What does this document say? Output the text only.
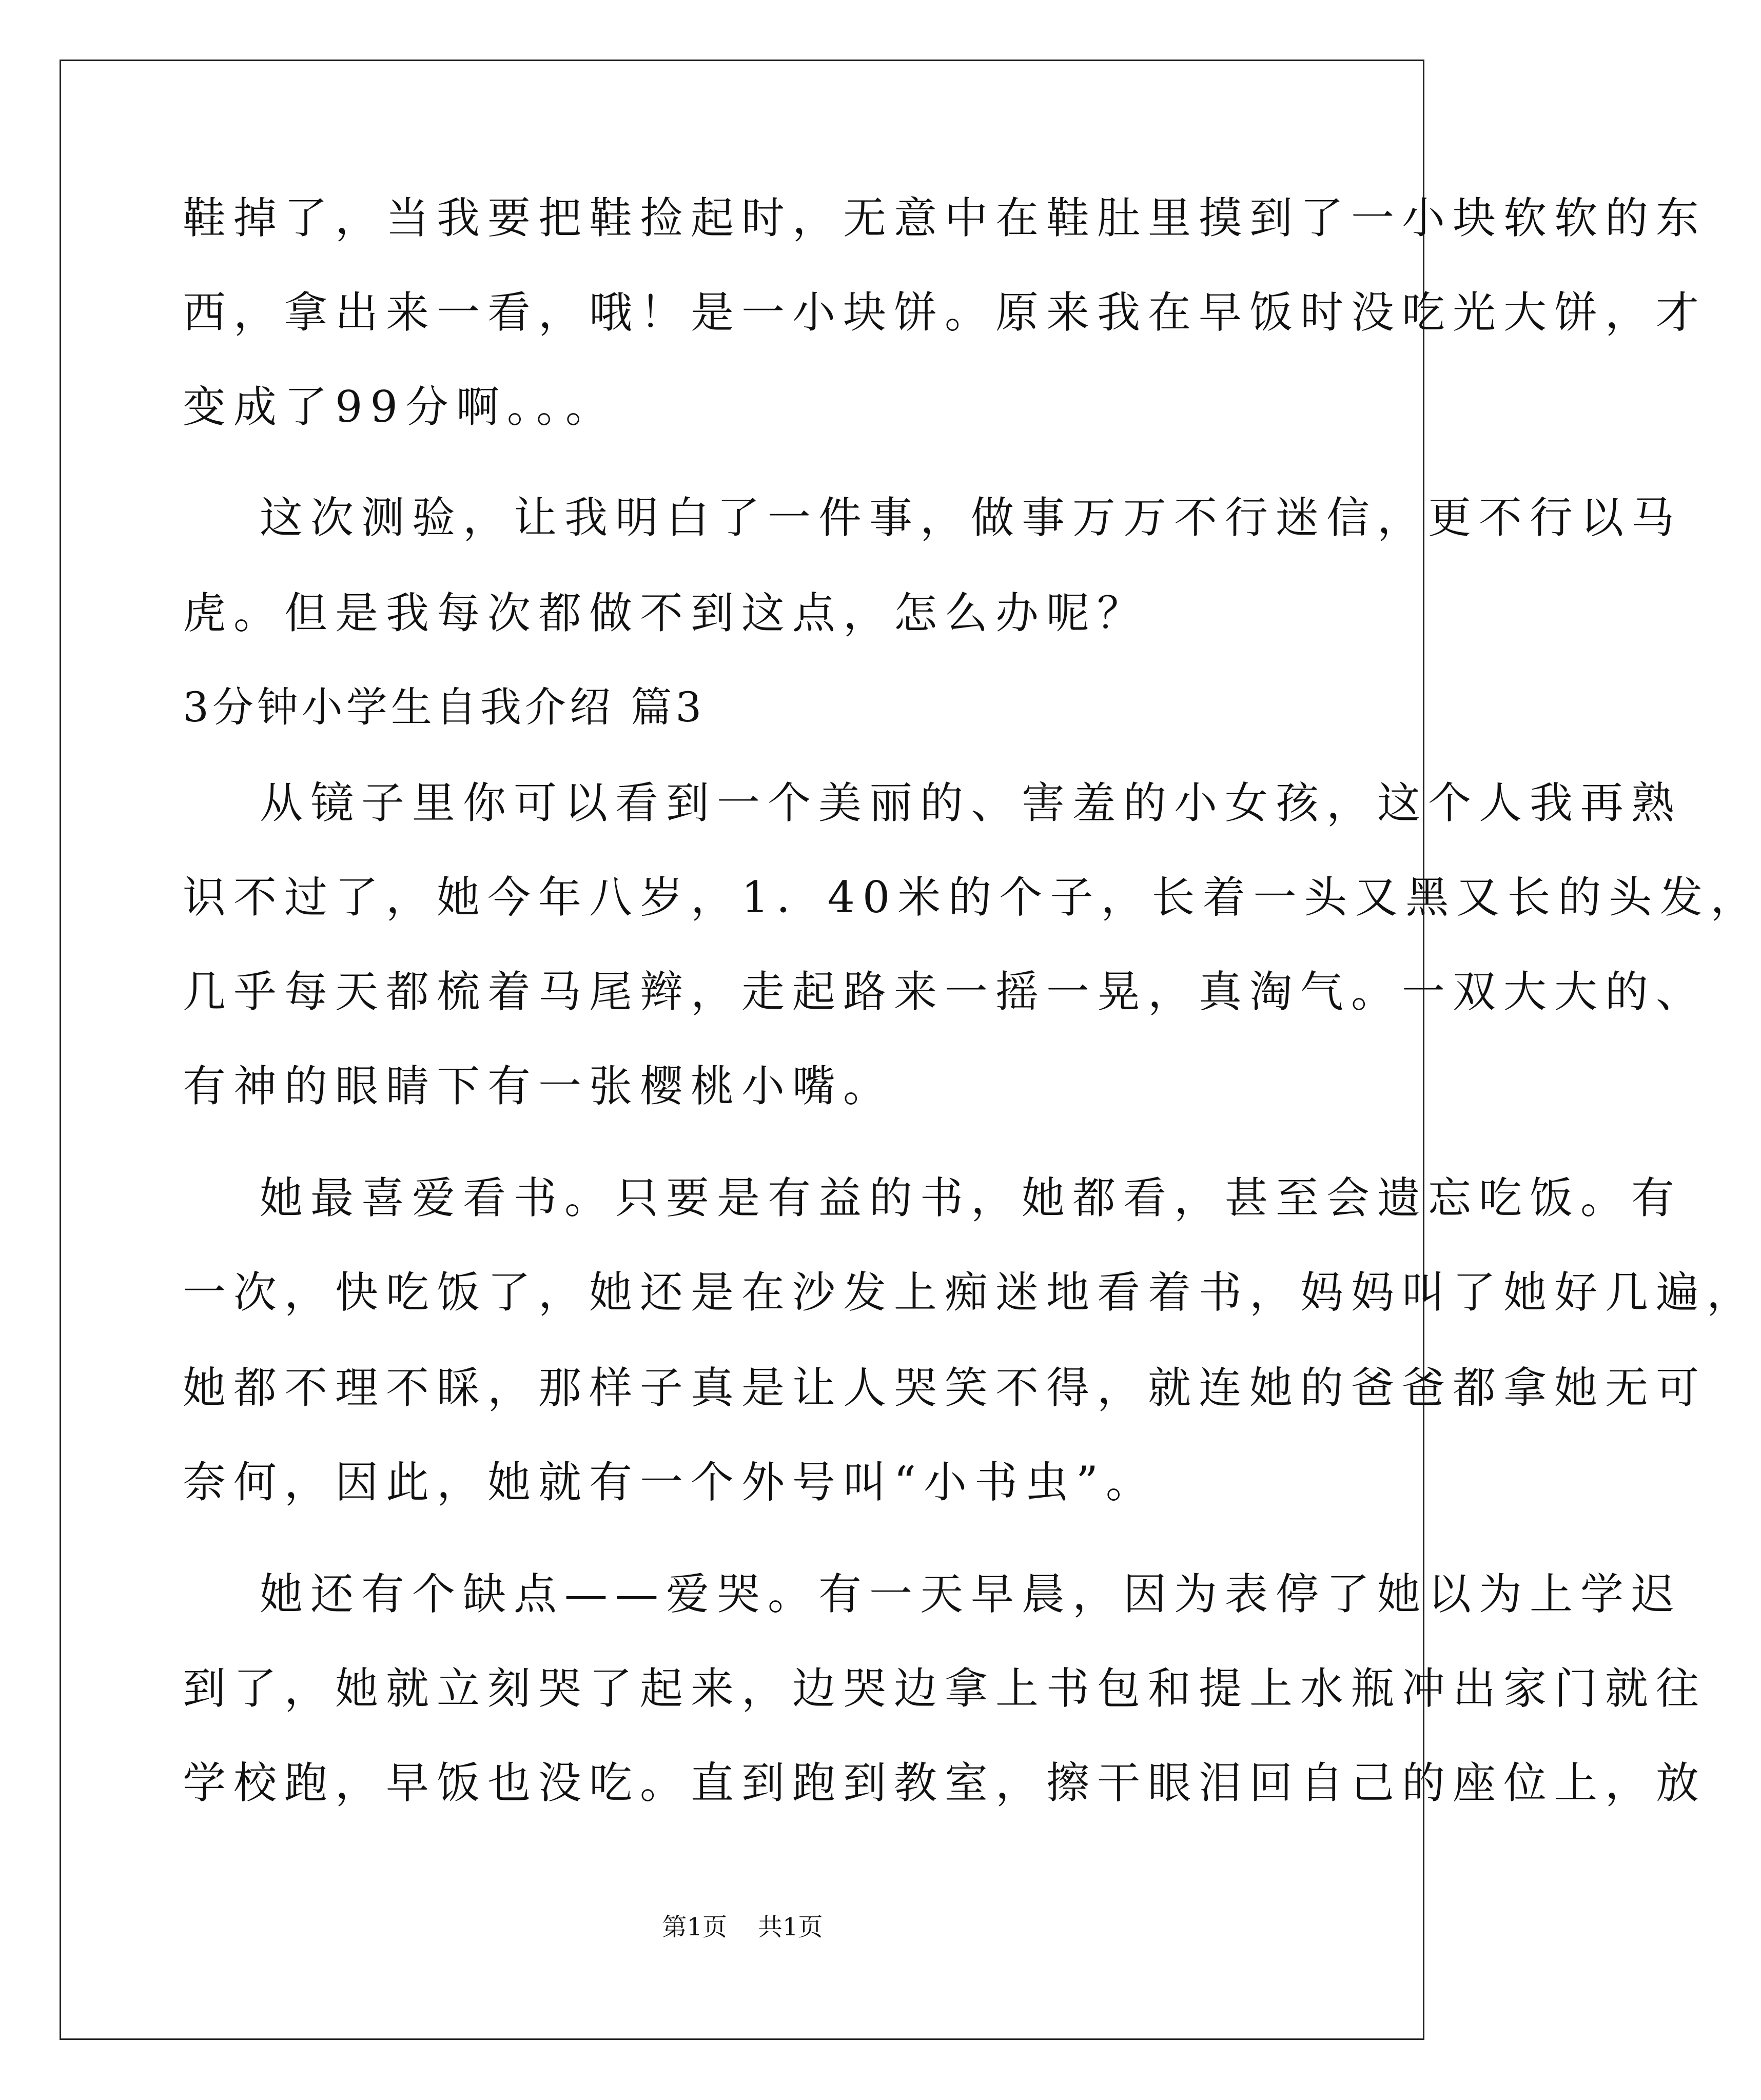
鞋掉了，当我要把鞋捡起时，无意中在鞋肚里摸到了一小块软软的东
西，拿出来一看，哦！是一小块饼。原来我在早饭时没吃光大饼，才
变成了99分啊。。。
这次测验，让我明白了一件事，做事万万不行迷信，更不行以马
虎。但是我每次都做不到这点，怎么办呢？
3分钟小学生自我介绍 篇3
从镜子里你可以看到一个美丽的、害羞的小女孩，这个人我再熟
识不过了，她今年八岁，1．40米的个子，长着一头又黑又长的头发，
几乎每天都梳着马尾辫，走起路来一摇一晃，真淘气。一双大大的、
有神的眼睛下有一张樱桃小嘴。
她最喜爱看书。只要是有益的书，她都看，甚至会遗忘吃饭。有
一次，快吃饭了，她还是在沙发上痴迷地看着书，妈妈叫了她好几遍，
她都不理不睬，那样子真是让人哭笑不得，就连她的爸爸都拿她无可
奈何，因此，她就有一个外号叫“小书虫”。
她还有个缺点——爱哭。有一天早晨，因为表停了她以为上学迟
到了，她就立刻哭了起来，边哭边拿上书包和提上水瓶冲出家门就往
学校跑，早饭也没吃。直到跑到教室，擦干眼泪回自己的座位上，放
第1页 共1页
